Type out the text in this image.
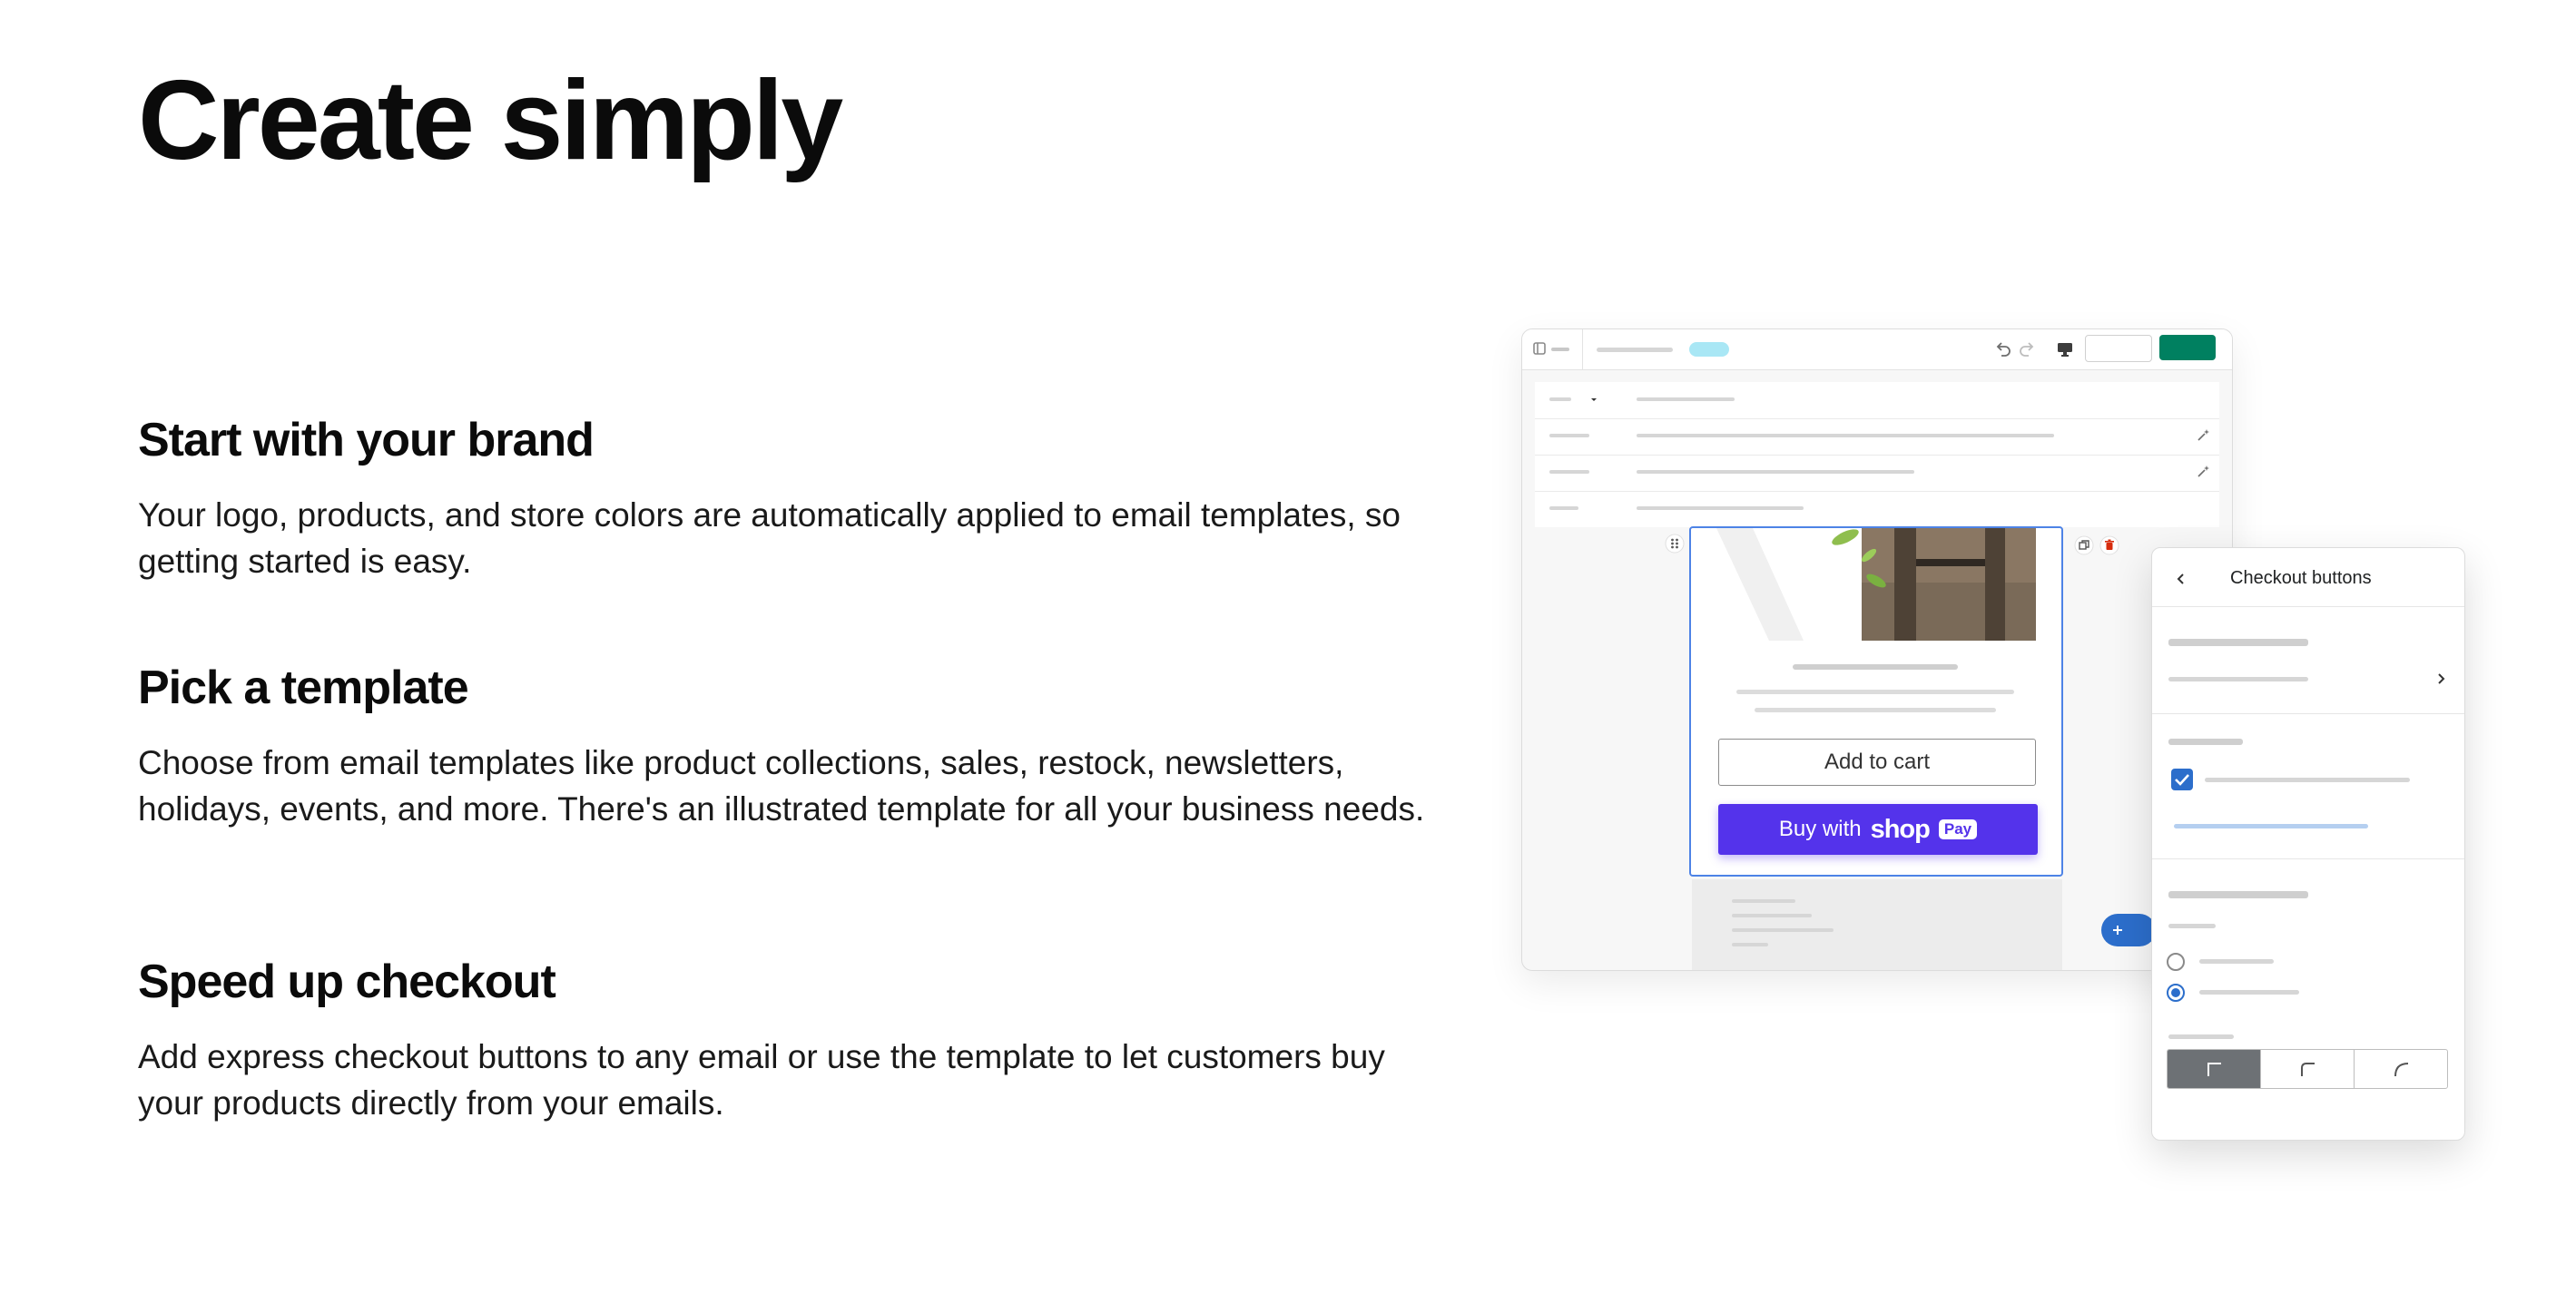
Create simply
Start with your brand

Your logo, products, and store colors are automatically applied to email templates, so getting started is easy.

Pick a template

Choose from email templates like product collections, sales, restock, newsletters, holidays, events, and more. There's an illustrated template for all your business needs.

Speed up checkout

Add express checkout buttons to any email or use the template to let customers buy your products directly from your emails.

Add to cart
Buy with shop Pay
Checkout buttons
